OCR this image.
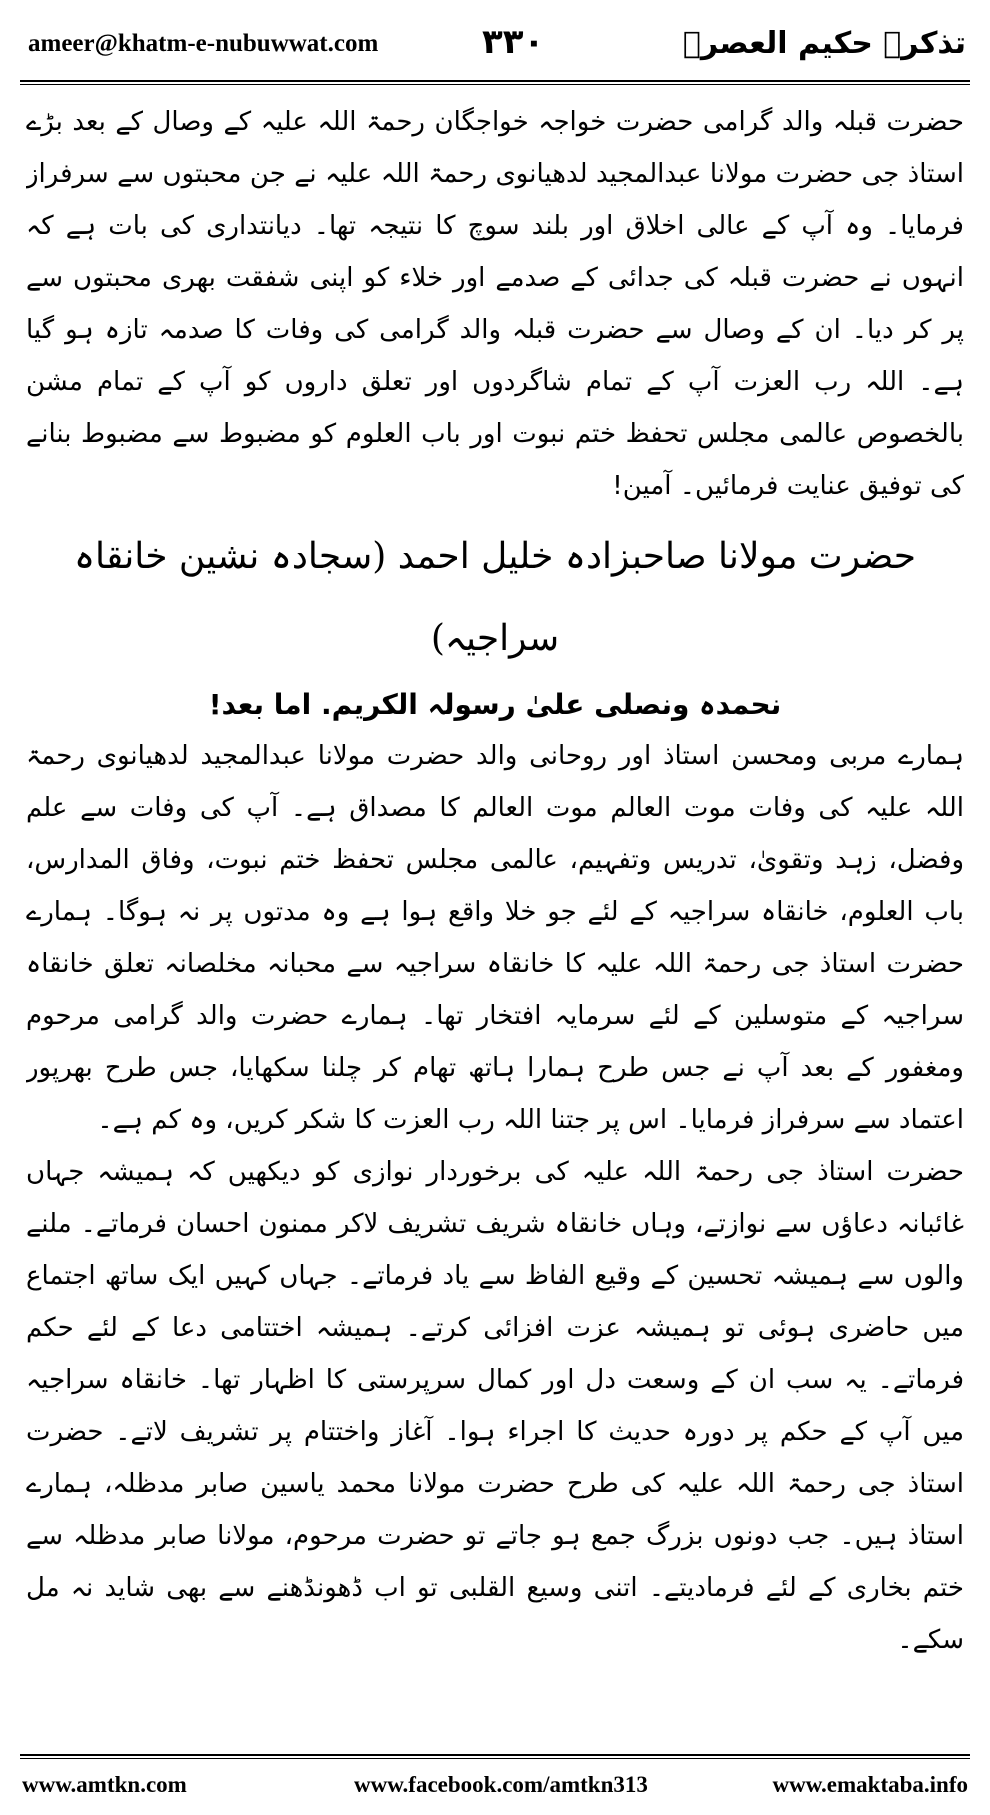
ameer@khatm-e-nubuwwat.com	۳۳۰	تذکرہ حکیم العصرؒ

حضرت قبلہ والد گرامی حضرت خواجہ خواجگان رحمۃ اللہ علیہ کے وصال کے بعد بڑے استاذ جی حضرت مولانا عبدالمجید لدھیانوی رحمۃ اللہ علیہ نے جن محبتوں سے سرفراز فرمایا۔ وہ آپ کے عالی اخلاق اور بلند سوچ کا نتیجہ تھا۔ دیانتداری کی بات ہے کہ انہوں نے حضرت قبلہ کی جدائی کے صدمے اور خلاء کو اپنی شفقت بھری محبتوں سے پر کر دیا۔ ان کے وصال سے حضرت قبلہ والد گرامی کی وفات کا صدمہ تازہ ہو گیا ہے۔ اللہ رب العزت آپ کے تمام شاگردوں اور تعلق داروں کو آپ کے تمام مشن بالخصوص عالمی مجلس تحفظ ختم نبوت اور باب العلوم کو مضبوط سے مضبوط بنانے کی توفیق عنایت فرمائیں۔ آمین!

حضرت مولانا صاحبزادہ خلیل احمد (سجادہ نشین خانقاہ سراجیہ)

نحمدہ ونصلی علیٰ رسولہ الکریم. اما بعد!

ہمارے مربی ومحسن استاذ اور روحانی والد حضرت مولانا عبدالمجید لدھیانوی رحمۃ اللہ علیہ کی وفات موت العالم موت العالم کا مصداق ہے۔ آپ کی وفات سے علم وفضل، زہد وتقویٰ، تدریس وتفہیم، عالمی مجلس تحفظ ختم نبوت، وفاق المدارس، باب العلوم، خانقاہ سراجیہ کے لئے جو خلا واقع ہوا ہے وہ مدتوں پر نہ ہوگا۔ ہمارے حضرت استاذ جی رحمۃ اللہ علیہ کا خانقاہ سراجیہ سے محبانہ مخلصانہ تعلق خانقاہ سراجیہ کے متوسلین کے لئے سرمایہ افتخار تھا۔ ہمارے حضرت والد گرامی مرحوم ومغفور کے بعد آپ نے جس طرح ہمارا ہاتھ تھام کر چلنا سکھایا، جس طرح بھرپور اعتماد سے سرفراز فرمایا۔ اس پر جتنا اللہ رب العزت کا شکر کریں، وہ کم ہے۔

حضرت استاذ جی رحمۃ اللہ علیہ کی برخوردار نوازی کو دیکھیں کہ ہمیشہ جہاں غائبانہ دعاؤں سے نوازتے، وہاں خانقاہ شریف تشریف لاکر ممنون احسان فرماتے۔ ملنے والوں سے ہمیشہ تحسین کے وقیع الفاظ سے یاد فرماتے۔ جہاں کہیں ایک ساتھ اجتماع میں حاضری ہوئی تو ہمیشہ عزت افزائی کرتے۔ ہمیشہ اختتامی دعا کے لئے حکم فرماتے۔ یہ سب ان کے وسعت دل اور کمال سرپرستی کا اظہار تھا۔ خانقاہ سراجیہ میں آپ کے حکم پر دورہ حدیث کا اجراء ہوا۔ آغاز واختتام پر تشریف لاتے۔ حضرت استاذ جی رحمۃ اللہ علیہ کی طرح حضرت مولانا محمد یاسین صابر مدظلہ، ہمارے استاذ ہیں۔ جب دونوں بزرگ جمع ہو جاتے تو حضرت مرحوم، مولانا صابر مدظلہ سے ختم بخاری کے لئے فرمادیتے۔ اتنی وسیع القلبی تو اب ڈھونڈھنے سے بھی شاید نہ مل سکے۔

www.amtkn.com	www.facebook.com/amtkn313	www.emaktaba.info
